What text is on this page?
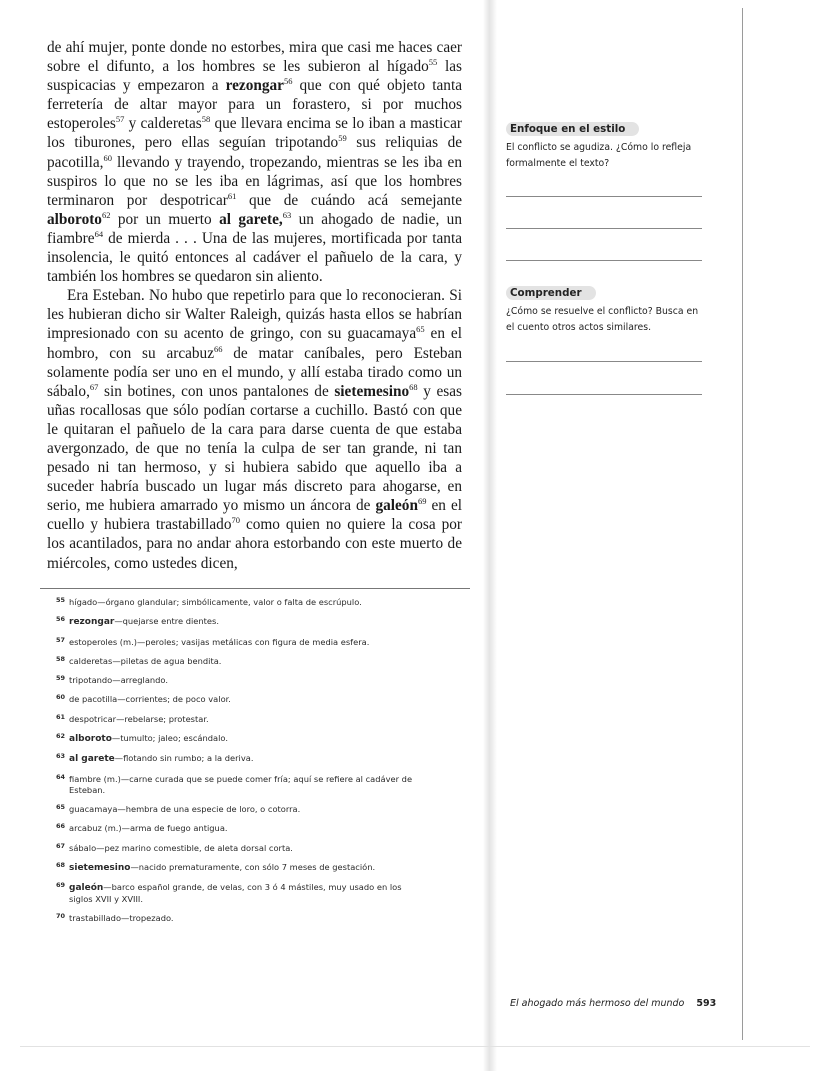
de ahí mujer, ponte donde no estorbes, mira que casi me haces caer sobre el difunto, a los hombres se les subieron al hígado$^{55}$ las suspicacias y empezaron a rezongar$^{56}$ que con qué objeto tanta ferretería de altar mayor para un forastero, si por muchos estoperoles$^{57}$ y calderetas$^{58}$ que llevara encima se lo iban a masticar los tiburones, pero ellas seguían tripotando$^{59}$ sus reliquias de pacotilla,$^{60}$ llevando y trayendo, tropezando, mientras se les iba en suspiros lo que no se les iba en lágrimas, así que los hombres terminaron por despotricar$^{61}$ que de cuándo acá semejante alboroto$^{62}$ por un muerto al garete,$^{63}$ un ahogado de nadie, un fiambre$^{64}$ de mierda . . . Una de las mujeres, mortificada por tanta insolencia, le quitó entonces al cadáver el pañuelo de la cara, y también los hombres se quedaron sin aliento.

Era Esteban. No hubo que repetirlo para que lo reconocieran. Si les hubieran dicho sir Walter Raleigh, quizás hasta ellos se habrían impresionado con su acento de gringo, con su guacamaya$^{65}$ en el hombro, con su arcabuz$^{66}$ de matar caníbales, pero Esteban solamente podía ser uno en el mundo, y allí estaba tirado como un sábalo,$^{67}$ sin botines, con unos pantalones de sietemesino$^{68}$ y esas uñas rocallosas que sólo podían cortarse a cuchillo. Bastó con que le quitaran el pañuelo de la cara para darse cuenta de que estaba avergonzado, de que no tenía la culpa de ser tan grande, ni tan pesado ni tan hermoso, y si hubiera sabido que aquello iba a suceder habría buscado un lugar más discreto para ahogarse, en serio, me hubiera amarrado yo mismo un áncora de galeón$^{69}$ en el cuello y hubiera trastabillado$^{70}$ como quien no quiere la cosa por los acantilados, para no andar ahora estorbando con este muerto de miércoles, como ustedes dicen,

55 hígado—órgano glandular; simbólicamente, valor o falta de escrúpulo.
56 rezongar—quejarse entre dientes.
57 estoperoles (m.)—peroles; vasijas metálicas con figura de media esfera.
58 calderetas—piletas de agua bendita.
59 tripotando—arreglando.
60 de pacotilla—corrientes; de poco valor.
61 despotricar—rebelarse; protestar.
62 alboroto—tumulto; jaleo; escándalo.
63 al garete—flotando sin rumbo; a la deriva.
64 fiambre (m.)—carne curada que se puede comer fría; aquí se refiere al cadáver de Esteban.
65 guacamaya—hembra de una especie de loro, o cotorra.
66 arcabuz (m.)—arma de fuego antigua.
67 sábalo—pez marino comestible, de aleta dorsal corta.
68 sietemesino—nacido prematuramente, con sólo 7 meses de gestación.
69 galeón—barco español grande, de velas, con 3 ó 4 mástiles, muy usado en los siglos XVII y XVIII.
70 trastabillado—tropezado.
Enfoque en el estilo
El conflicto se agudiza. ¿Cómo lo refleja formalmente el texto?
Comprender
¿Cómo se resuelve el conflicto? Busca en el cuento otros actos similares.
El ahogado más hermoso del mundo 593
